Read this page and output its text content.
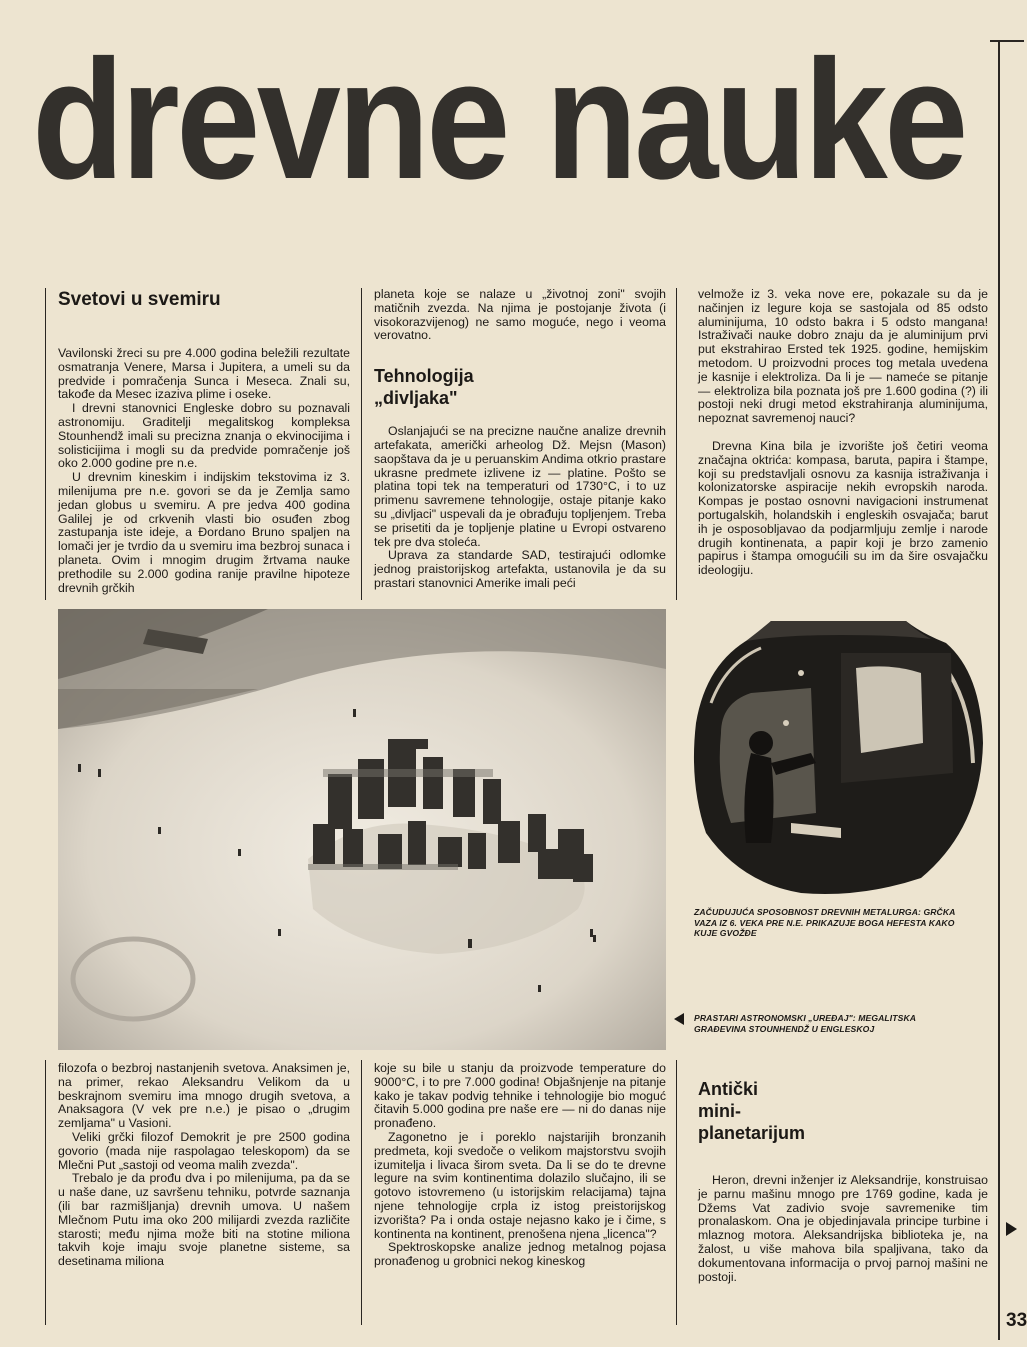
drevne nauke
Svetovi u svemiru

Vavilonski žreci su pre 4.000 godina beležili rezultate osmatranja Venere, Marsa i Jupitera, a umeli su da predvide i pomračenja Sunca i Meseca. Znali su, takođe da Mesec izaziva plime i oseke.

I drevni stanovnici Engleske dobro su poznavali astronomiju. Graditelji megalitskog kompleksa Stounhendž imali su precizna znanja o ekvinocijima i solisticijima i mogli su da predvide pomračenje još oko 2.000 godine pre n.e.

U drevnim kineskim i indijskim tekstovima iz 3. milenijuma pre n.e. govori se da je Zemlja samo jedan globus u svemiru. A pre jedva 400 godina Galilej je od crkvenih vlasti bio osuđen zbog zastupanja iste ideje, a Đordano Bruno spaljen na lomači jer je tvrdio da u svemiru ima bezbroj sunaca i planeta. Ovim i mnogim drugim žrtvama nauke prethodile su 2.000 godina ranije pravilne hipoteze drevnih grčkih

planeta koje se nalaze u „životnoj zoni" svojih matičnih zvezda. Na njima je postojanje života (i visokorazvijenog) ne samo moguće, nego i veoma verovatno.

Tehnologija
„divljaka"

Oslanjajući se na precizne naučne analize drevnih artefakata, američki arheolog Dž. Mejsn (Mason) saopštava da je u peruanskim Andima otkrio prastare ukrasne predmete izlivene iz — platine. Pošto se platina topi tek na temperaturi od 1730°C, i to uz primenu savremene tehnologije, ostaje pitanje kako su „divljaci" uspevali da je obrađuju topljenjem. Treba se prisetiti da je topljenje platine u Evropi ostvareno tek pre dva stoleća.

Uprava za standarde SAD, testirajući odlomke jednog praistorijskog artefakta, ustanovila je da su prastari stanovnici Amerike imali peći

velmože iz 3. veka nove ere, pokazale su da je načinjen iz legure koja se sastojala od 85 odsto aluminijuma, 10 odsto bakra i 5 odsto mangana! Istraživači nauke dobro znaju da je aluminijum prvi put ekstrahirao Ersted tek 1925. godine, hemijskim metodom. U proizvodni proces tog metala uvedena je kasnije i elektroliza. Da li je — nameće se pitanje — elektroliza bila poznata još pre 1.600 godina (?) ili postoji neki drugi metod ekstrahiranja aluminijuma, nepoznat savremenoj nauci?

Drevna Kina bila je izvorište još četiri veoma značajna oktrića: kompasa, baruta, papira i štampe, koji su predstavljali osnovu za kasnija istraživanja i kolonizatorske aspiracije nekih evropskih naroda. Kompas je postao osnovni navigacioni instrumenat portugalskih, holandskih i engleskih osvajača; barut ih je osposobljavao da podjarmljuju zemlje i narode drugih kontinenata, a papir koji je brzo zamenio papirus i štampa omogućili su im da šire osvajačku ideologiju.

ZAČUDUJUĆA SPOSOBNOST DREVNIH METALURGA: GRČKA VAZA IZ 6. VEKA PRE N.E. PRIKAZUJE BOGA HEFESTA KAKO KUJE GVOŽĐE
PRASTARI ASTRONOMSKI „UREĐAJ": MEGALITSKA GRAĐEVINA STOUNHENDŽ U ENGLESKOJ

filozofa o bezbroj nastanjenih svetova. Anaksimen je, na primer, rekao Aleksandru Velikom da u beskrajnom svemiru ima mnogo drugih svetova, a Anaksagora (V vek pre n.e.) je pisao o „drugim zemljama" u Vasioni.

Veliki grčki filozof Demokrit je pre 2500 godina govorio (mada nije raspolagao teleskopom) da se Mlečni Put „sastoji od veoma malih zvezda".

Trebalo je da prođu dva i po milenijuma, pa da se u naše dane, uz savršenu tehniku, potvrde saznanja (ili bar razmišljanja) drevnih umova. U našem Mlečnom Putu ima oko 200 milijardi zvezda različite starosti; među njima može biti na stotine miliona takvih koje imaju svoje planetne sisteme, sa desetinama miliona

koje su bile u stanju da proizvode temperature do 9000°C, i to pre 7.000 godina! Objašnjenje na pitanje kako je takav podvig tehnike i tehnologije bio moguć čitavih 5.000 godina pre naše ere — ni do danas nije pronađeno.

Zagonetno je i poreklo najstarijih bronzanih predmeta, koji svedoče o velikom majstorstvu svojih izumitelja i livaca širom sveta. Da li se do te drevne legure na svim kontinentima dolazilo slučajno, ili se gotovo istovremeno (u istorijskim relacijama) tajna njene tehnologije crpla iz istog preistorijskog izvorišta? Pa i onda ostaje nejasno kako je i čime, s kontinenta na kontinent, prenošena njena „licenca"?

Spektroskopske analize jednog metalnog pojasa pronađenog u grobnici nekog kineskog

Antički
mini-
planetarijum

Heron, drevni inženjer iz Aleksandrije, konstruisao je parnu mašinu mnogo pre 1769 godine, kada je Džems Vat zadivio svoje savremenike tim pronalaskom. Ona je objedinjavala principe turbine i mlaznog motora. Aleksandrijska biblioteka je, na žalost, u više mahova bila spaljivana, tako da dokumentovana informacija o prvoj parnoj mašini ne postoji.

33
